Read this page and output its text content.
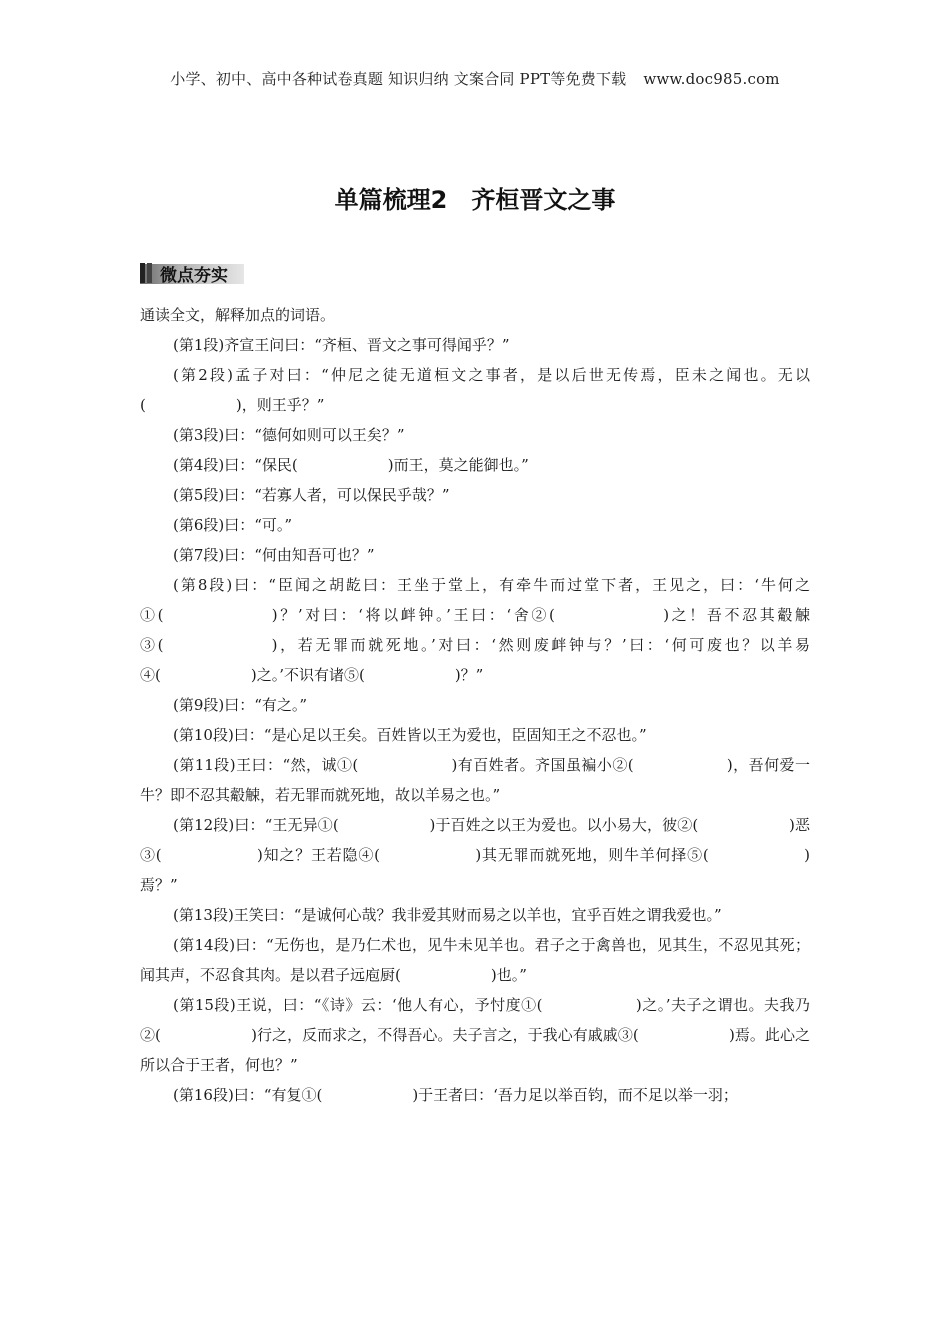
小学、初中、高中各种试卷真题 知识归纳 文案合同 PPT等免费下载 www.doc985.com
单篇梳理2　齐桓晋文之事
微点夯实

通读全文，解释加点的词语。

(第1段)齐宣王问曰：“齐桓、晋文之事可得闻乎？”

(第2段)孟子对曰：“仲尼之徒无道桓文之事者，是以后世无传焉，臣未之闻也。无以(　　　　　　)，则王乎？”

(第3段)曰：“德何如则可以王矣？”

(第4段)曰：“保民(　　　　　　)而王，莫之能御也。”

(第5段)曰：“若寡人者，可以保民乎哉？”

(第6段)曰：“可。”

(第7段)曰：“何由知吾可也？”

(第8段)曰：“臣闻之胡龁曰：王坐于堂上，有牵牛而过堂下者，王见之，曰：‘牛何之①(　　　　　　)？’对曰：‘将以衅钟。’王曰：‘舍②(　　　　　　)之！吾不忍其觳觫③(　　　　　　)，若无罪而就死地。’对曰：‘然则废衅钟与？’曰：‘何可废也？以羊易④(　　　　　　)之。’不识有诸⑤(　　　　　　)？”

(第9段)曰：“有之。”

(第10段)曰：“是心足以王矣。百姓皆以王为爱也，臣固知王之不忍也。”

(第11段)王曰：“然，诚①(　　　　　　)有百姓者。齐国虽褊小②(　　　　　　)，吾何爱一牛？即不忍其觳觫，若无罪而就死地，故以羊易之也。”

(第12段)曰：“王无异①(　　　　　　)于百姓之以王为爱也。以小易大，彼②(　　　　　　)恶③(　　　　　　)知之？王若隐④(　　　　　　)其无罪而就死地，则牛羊何择⑤(　　　　　　)焉？”

(第13段)王笑曰：“是诚何心哉？我非爱其财而易之以羊也，宜乎百姓之谓我爱也。”

(第14段)曰：“无伤也，是乃仁术也，见牛未见羊也。君子之于禽兽也，见其生，不忍见其死；闻其声，不忍食其肉。是以君子远庖厨(　　　　　　)也。”

(第15段)王说，曰：“《诗》云：‘他人有心，予忖度①(　　　　　　)之。’夫子之谓也。夫我乃②(　　　　　　)行之，反而求之，不得吾心。夫子言之，于我心有戚戚③(　　　　　　)焉。此心之所以合于王者，何也？”

(第16段)曰：“有复①(　　　　　　)于王者曰：‘吾力足以举百钧，而不足以举一羽；
